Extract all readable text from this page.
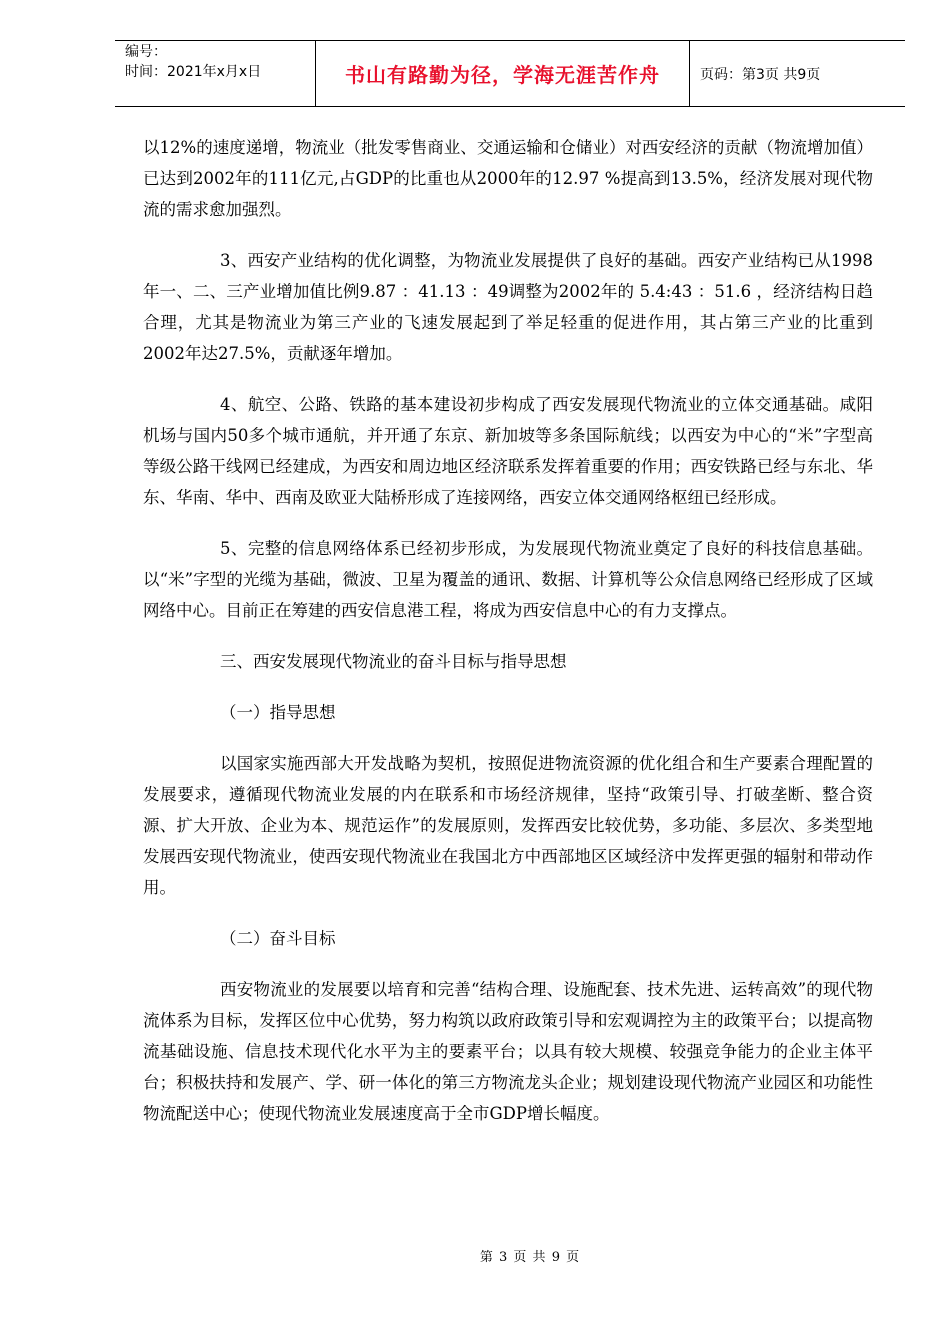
编号：
时间：2021年x月x日	书山有路勤为径，学海无涯苦作舟	页码：第3页 共9页

以12%的速度递增，物流业（批发零售商业、交通运输和仓储业）对西安经济的贡献（物流增加值）已达到2002年的111亿元,占GDP的比重也从2000年的12.97 %提高到13.5%，经济发展对现代物流的需求愈加强烈。

3、西安产业结构的优化调整，为物流业发展提供了良好的基础。西安产业结构已从1998年一、二、三产业增加值比例9.87 ：41.13 ：49调整为2002年的 5.4:43 ：51.6 ，经济结构日趋合理，尤其是物流业为第三产业的飞速发展起到了举足轻重的促进作用，其占第三产业的比重到2002年达27.5%，贡献逐年增加。

4、航空、公路、铁路的基本建设初步构成了西安发展现代物流业的立体交通基础。咸阳机场与国内50多个城市通航，并开通了东京、新加坡等多条国际航线；以西安为中心的“米”字型高等级公路干线网已经建成，为西安和周边地区经济联系发挥着重要的作用；西安铁路已经与东北、华东、华南、华中、西南及欧亚大陆桥形成了连接网络，西安立体交通网络枢纽已经形成。

5、完整的信息网络体系已经初步形成，为发展现代物流业奠定了良好的科技信息基础。以“米”字型的光缆为基础，微波、卫星为覆盖的通讯、数据、计算机等公众信息网络已经形成了区域网络中心。目前正在筹建的西安信息港工程，将成为西安信息中心的有力支撑点。

三、西安发展现代物流业的奋斗目标与指导思想

（一）指导思想

以国家实施西部大开发战略为契机，按照促进物流资源的优化组合和生产要素合理配置的发展要求，遵循现代物流业发展的内在联系和市场经济规律，坚持“政策引导、打破垄断、整合资源、扩大开放、企业为本、规范运作”的发展原则，发挥西安比较优势，多功能、多层次、多类型地发展西安现代物流业，使西安现代物流业在我国北方中西部地区区域经济中发挥更强的辐射和带动作用。

（二）奋斗目标

西安物流业的发展要以培育和完善“结构合理、设施配套、技术先进、运转高效”的现代物流体系为目标，发挥区位中心优势，努力构筑以政府政策引导和宏观调控为主的政策平台；以提高物流基础设施、信息技术现代化水平为主的要素平台；以具有较大规模、较强竞争能力的企业主体平台；积极扶持和发展产、学、研一体化的第三方物流龙头企业；规划建设现代物流产业园区和功能性物流配送中心；使现代物流业发展速度高于全市GDP增长幅度。

第 3 页 共 9 页
